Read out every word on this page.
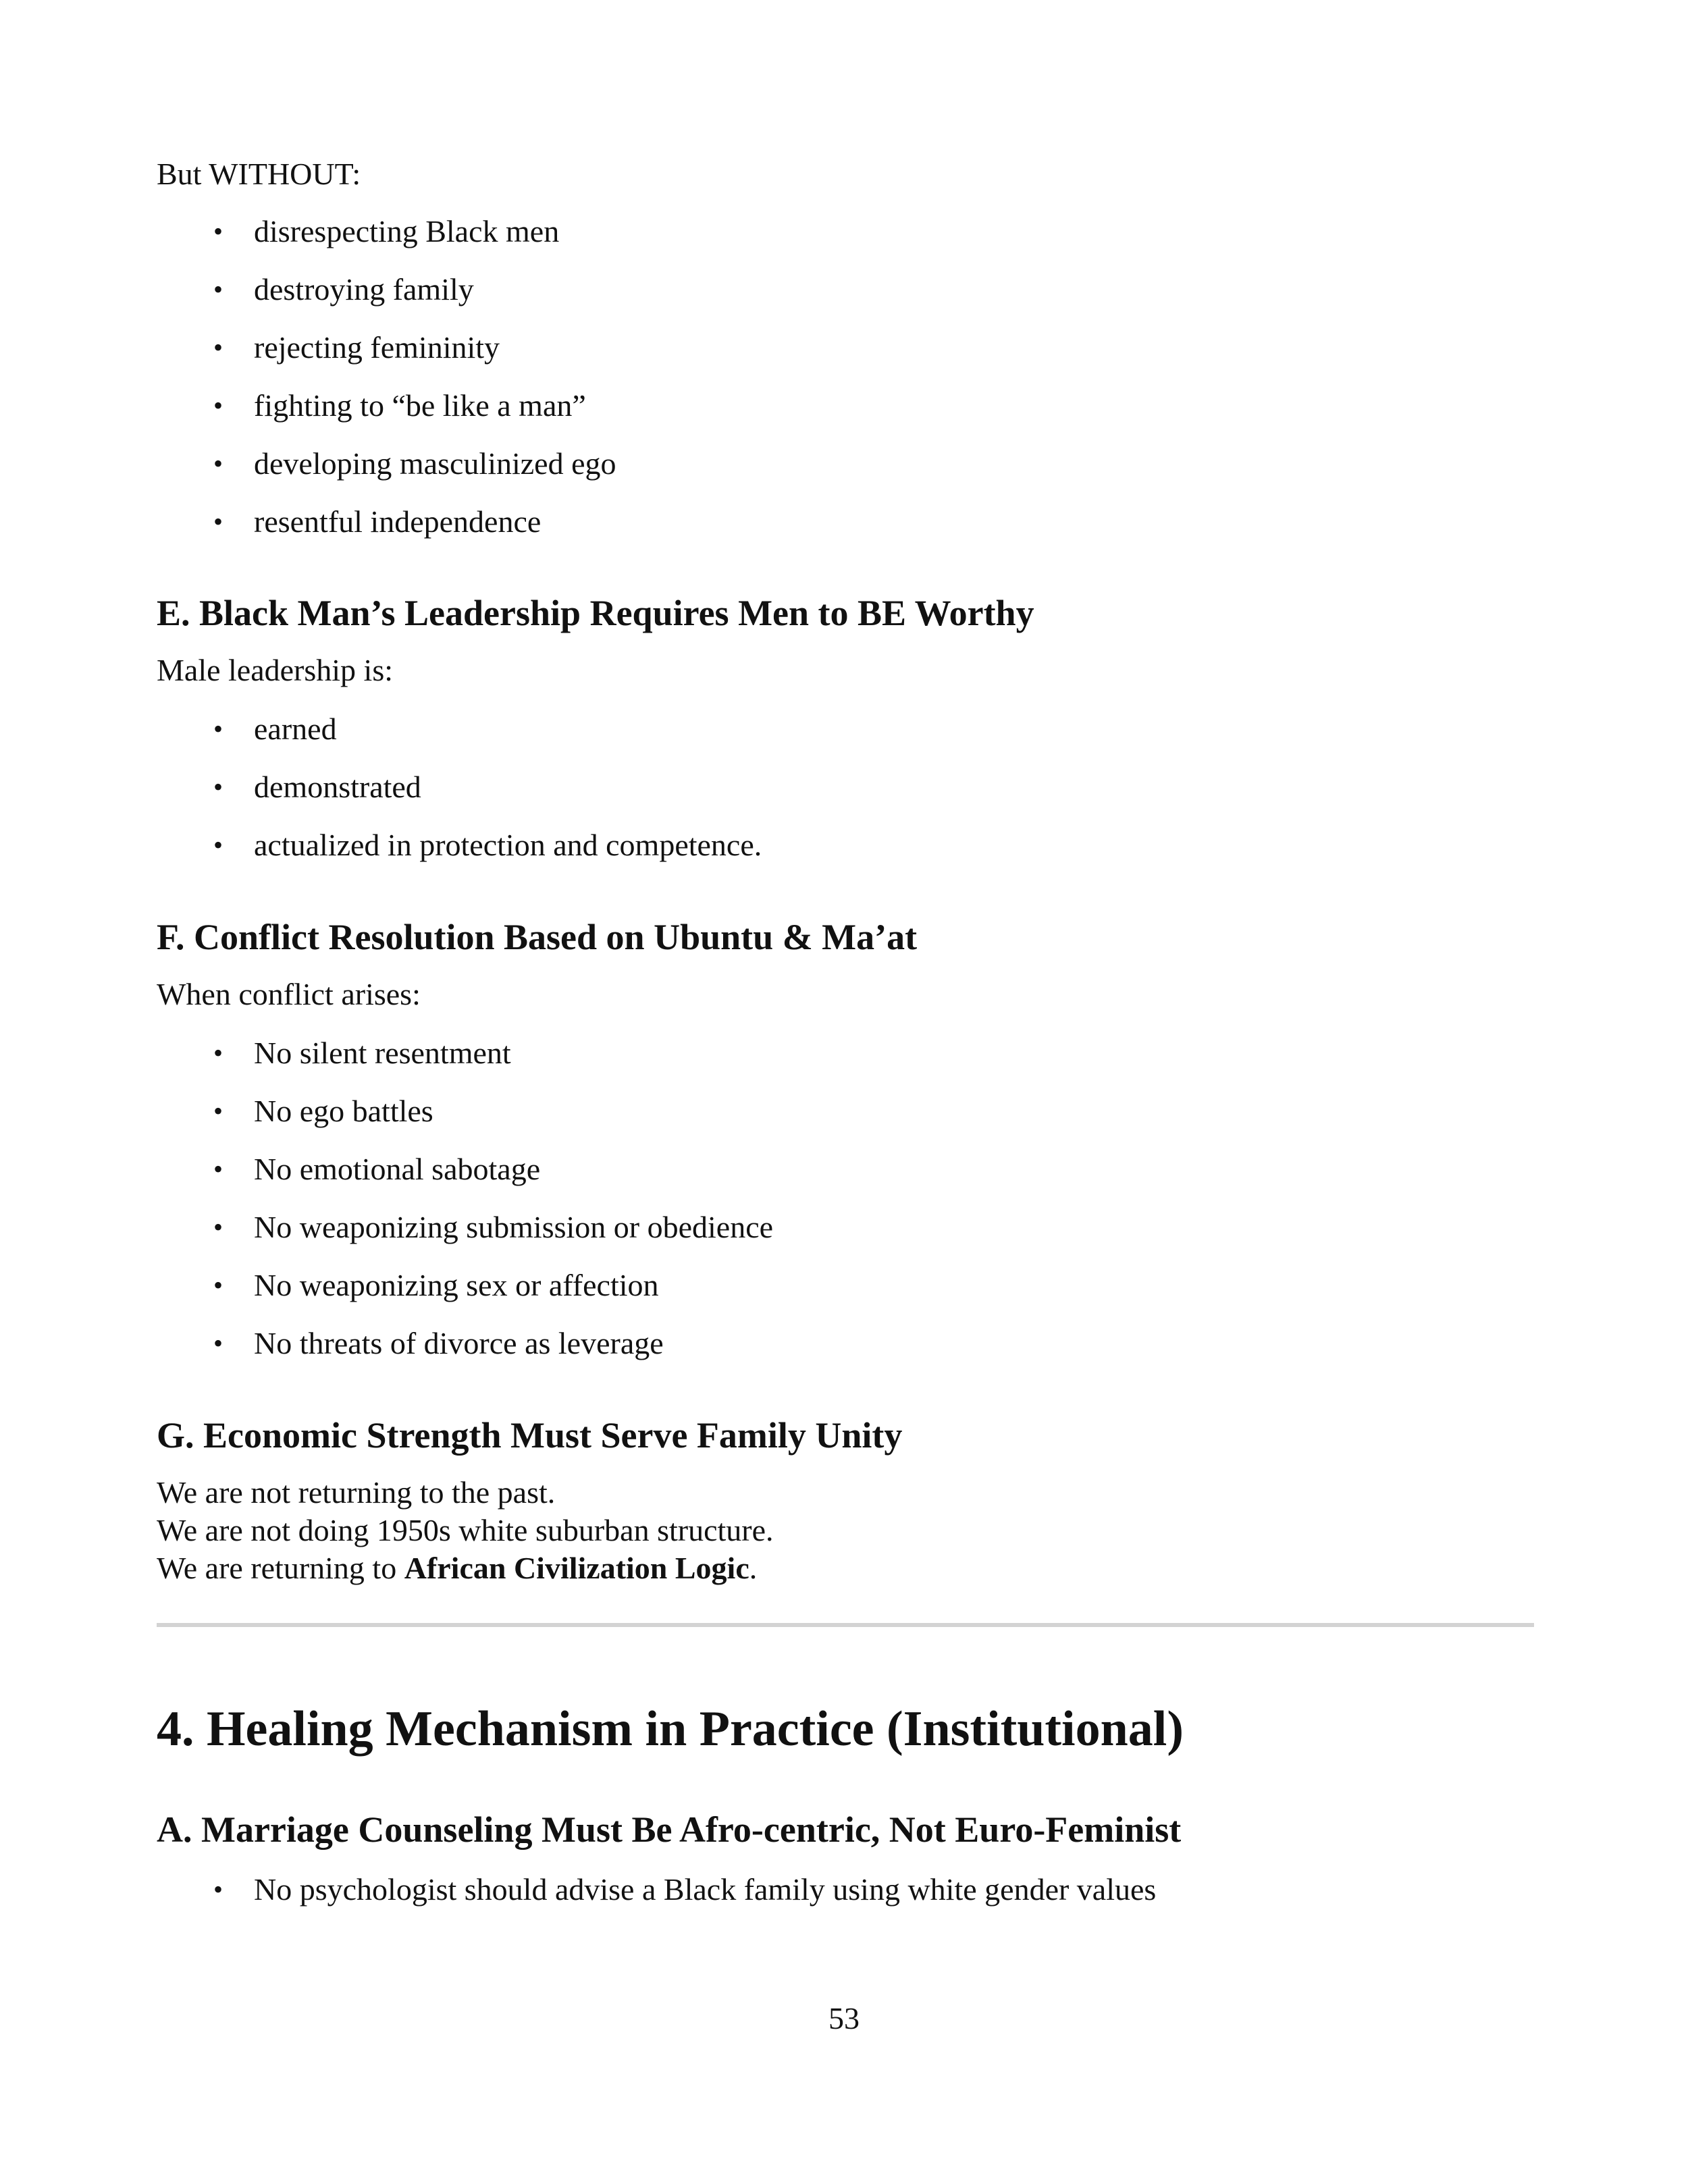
But WITHOUT:

• disrespecting Black men
• destroying family
• rejecting femininity
• fighting to “be like a man”
• developing masculinized ego
• resentful independence
E. Black Man’s Leadership Requires Men to BE Worthy

Male leadership is:

• earned
• demonstrated
• actualized in protection and competence.
F. Conflict Resolution Based on Ubuntu & Ma’at

When conflict arises:

• No silent resentment
• No ego battles
• No emotional sabotage
• No weaponizing submission or obedience
• No weaponizing sex or affection
• No threats of divorce as leverage
G. Economic Strength Must Serve Family Unity

We are not returning to the past.

We are not doing 1950s white suburban structure.

We are returning to African Civilization Logic.

4. Healing Mechanism in Practice (Institutional)
A. Marriage Counseling Must Be Afro-centric, Not Euro-Feminist
• No psychologist should advise a Black family using white gender values
53
